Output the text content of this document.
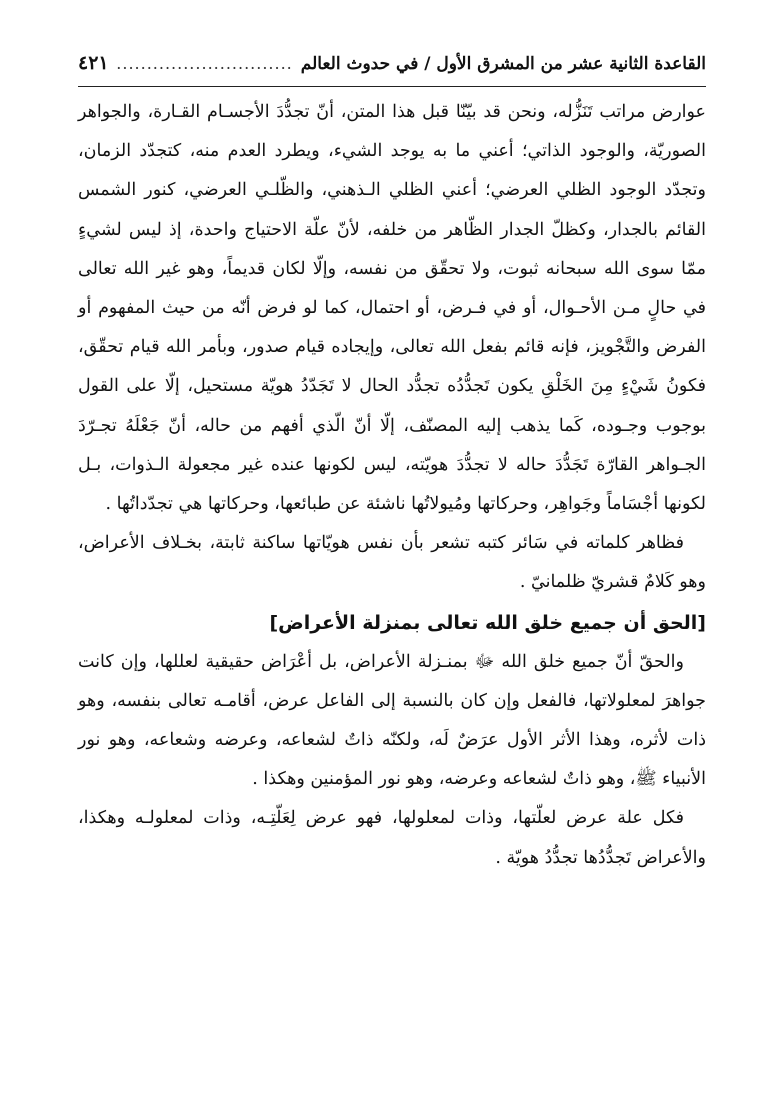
القاعدة الثانية عشر من المشرق الأول / في حدوث العالم
.....
٤٢١

عوارض مراتب تَنَزُّله، ونحن قد بيّنّا قبل هذا المتن، أنّ تجدُّدَ الأجسـام القـارة، والجواهر الصوريّة، والوجود الذاتي؛ أعني ما به يوجد الشيء، ويطرد العدم منه، كتجدّد الزمان، وتجدّد الوجود الظلي العرضي؛ أعني الظلي الـذهني، والظّلـي العرضي، كنور الشمس القائم بالجدار، وكظلّ الجدار الظّاهر من خلفه، لأنّ علّة الاحتياج واحدة، إذ ليس لشيءٍ ممّا سوى الله سبحانه ثبوت، ولا تحقّق من نفسه، وإلّا لكان قديماً، وهو غير الله تعالى في حالٍ مـن الأحـوال، أو في فـرض، أو احتمال، كما لو فرض أنّه من حيث المفهوم أو الفرض والتَّجْويز، فإنه قائم بفعل الله تعالى، وإيجاده قيام صدور، وبأمر الله قيام تحقّق، فكونُ شَيْءٍ مِنَ الخَلْقِ يكون تَجدُّدُه تجدُّد الحال لا تَجَدّدُ هويّة مستحيل، إلّا على القول بوجوب وجـوده، كَما يذهب إليه المصنّف، إلّا أنّ الّذي أفهم من حاله، أنّ جَعْلَهُ تجـرّدَ الجـواهر القارّة تَجَدُّدَ حاله لا تجدُّدَ هويّته، ليس لكونها عنده غير مجعولة الـذوات، بـل لكونها أجْسَاماً وجَواهِر، وحركاتها ومُيولاتُها ناشئة عن طبائعها، وحركاتها هي تجدّداتُها .

فظاهر كلماته في سَائر كتبه تشعر بأن نفس هويّاتها ساكنة ثابتة، بخـلاف الأعراض، وهو كَلامٌ قشريّ ظلمانيّ .

[الحق أن جميع خلق الله تعالى بمنزلة الأعراض]

والحقّ أنّ جميع خلق الله ﷻ بمنـزلة الأعراض، بل أعْرَاض حقيقية لعللها، وإن كانت جواهرَ لمعلولاتها، فالفعل وإن كان بالنسبة إلى الفاعل عرض، أقامـه تعالى بنفسه، وهو ذات لأثره، وهذا الأثر الأول عرَضٌ لَه، ولكنّه ذاتٌ لشعاعه، وعرضه وشعاعه، وهو نور الأنبياء ﷺ، وهو ذاتٌ لشعاعه وعرضه، وهو نور المؤمنين وهكذا .

فكل علة عرض لعلّتها، وذات لمعلولها، فهو عرض لِعَلّتِـه، وذات لمعلولـه وهكذا، والأعراض تَجدُّدُها تجدُّدُ هويّة .
